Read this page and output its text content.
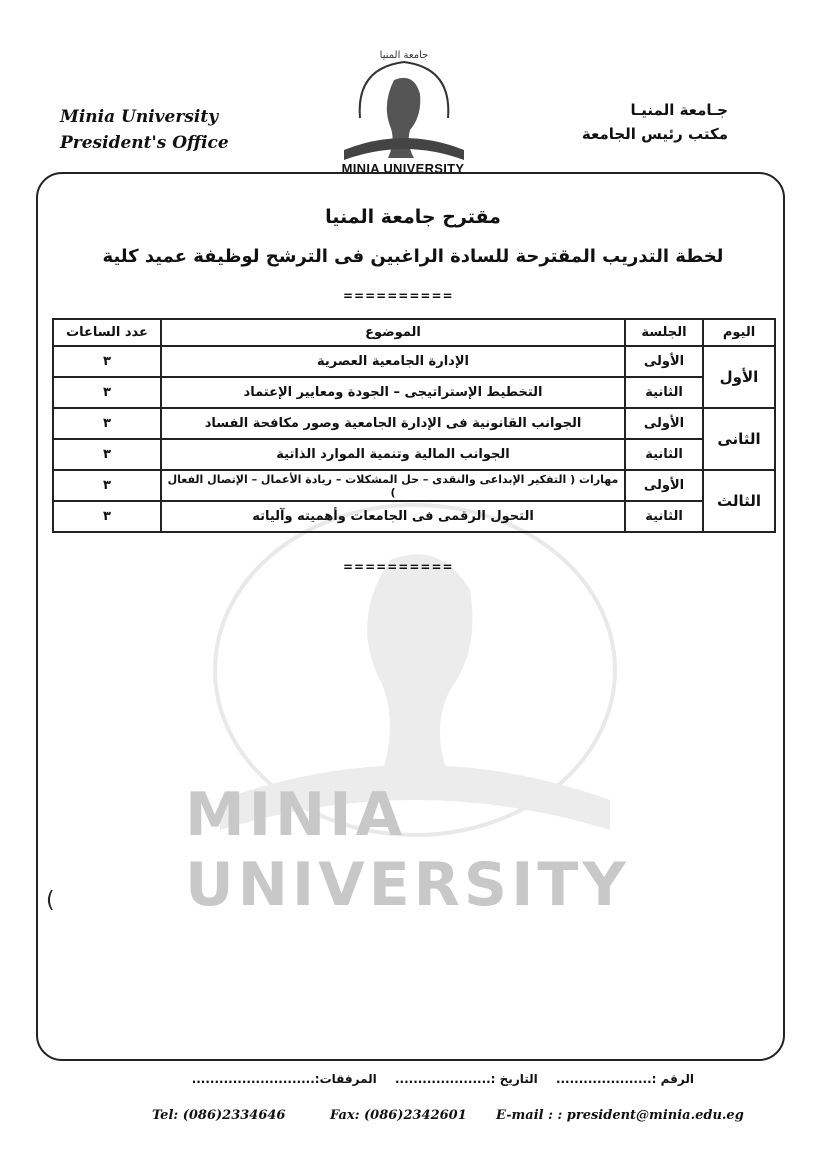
MINIA UNIVERSITY
Minia University
President's Office
جـامعة المنيـا
مكتب رئيس الجامعة
جامعة المنيا
MINIA UNIVERSITY
مقترح جامعة المنيا
لخطة التدريب المقترحة للسادة الراغبين فى الترشح لوظيفة عميد كلية
==========
اليوم	الجلسة	الموضوع	عدد الساعات
الأول	الأولى	الإدارة الجامعية العصرية	٣
	الثانية	التخطيط الإستراتيجى – الجودة ومعايير الإعتماد	٣
الثانى	الأولى	الجوانب القانونية فى الإدارة الجامعية وصور مكافحة الفساد	٣
	الثانية	الجوانب المالية وتنمية الموارد الذاتية	٣
الثالث	الأولى	مهارات ( التفكير الإبداعى والنقدى – حل المشكلات – ريادة الأعمال – الإتصال الفعال )	٣
	الثانية	التحول الرقمى فى الجامعات وأهميته وآلياته	٣
==========
(
الرقم :..................... التاريخ :..................... المرفقات:...........................
Tel: (086)2334646	Fax: (086)2342601 E-mail : : president@minia.edu.eg
